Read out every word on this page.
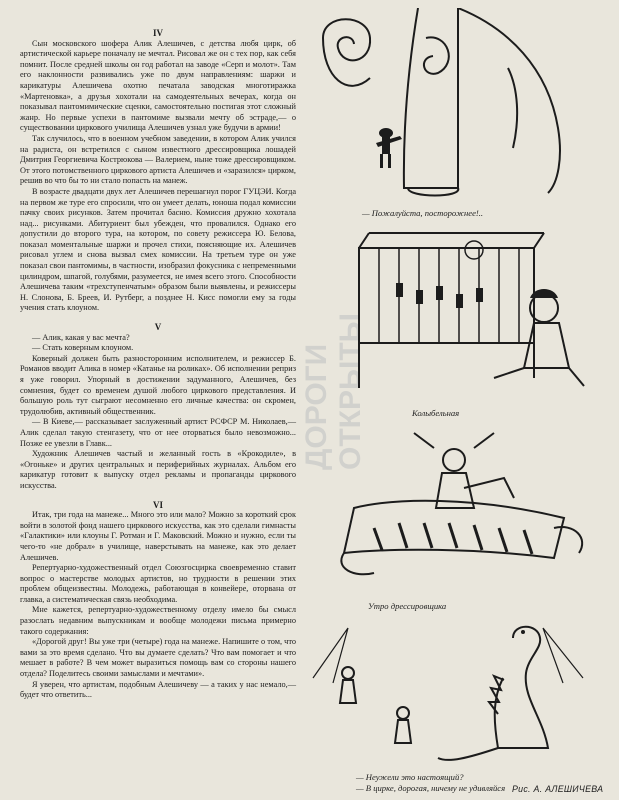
IV

Сын московского шофера Алик Алешичев, с детства любя цирк, об артистической карьере поначалу не мечтал. Рисовал же он с тех пор, как себя помнит. После средней школы он год работал на заводе «Серп и молот». Там его наклонности развивались уже по двум направлениям: шаржи и карикатуры Алешичева охотно печатала заводская многотиражка «Мартеновка», а друзья хохотали на самодеятельных вечерах, когда он показывал пантомимические сценки, самостоятельно постигая этот сложный жанр. Но первые успехи в пантомиме вызвали мечту об эстраде,— о существовании циркового училища Алешичев узнал уже будучи в армии!

Так случилось, что в военном учебном заведении, в котором Алик учился на радиста, он встретился с сыном известного дрессировщика лошадей Дмитрия Георгиевича Кострюкова — Валерием, ныне тоже дрессировщиком. От этого потомственного циркового артиста Алешичев и «заразился» цирком, решив во что бы то ни стало попасть на манеж.

В возрасте двадцати двух лет Алешичев перешагнул порог ГУЦЭИ. Когда на первом же туре его спросили, что он умеет делать, юноша подал комиссии пачку своих рисунков. Затем прочитал басню. Комиссия дружно хохотала над... рисунками. Абитуриент был убежден, что провалился. Однако его допустили до второго тура, на котором, по совету режиссера Ю. Белова, показал моментальные шаржи и прочел стихи, поясняющие их. Алешичев рисовал углем и снова вызвал смех комиссии. На третьем туре он уже показал свои пантомимы, в частности, изобразил фокусника с непременными цилиндром, шпагой, голубями, разумеется, не имея всего этого. Способности Алешичева таким «трехступенчатым» образом были выявлены, и режиссеры Н. Слонова, Б. Бреев, И. Рутберг, а позднее Н. Кисс помогли ему за годы учения стать клоуном.

V

— Алик, какая у вас мечта?

— Стать коверным клоуном.

Коверный должен быть разносторонним исполнителем, и режиссер Б. Романов вводит Алика в номер «Катанье на роликах». Об исполнении реприз я уже говорил. Упорный в достижении задуманного, Алешичев, без сомнения, будет со временем душой любого циркового представления. И большую роль тут сыграют несомненно его личные качества: он скромен, трудолюбив, активный общественник.

— В Киеве,— рассказывает заслуженный артист РСФСР М. Николаев,— Алик сделал такую стенгазету, что от нее оторваться было невозможно... Позже ее увезли в Главк...

Художник Алешичев частый и желанный гость в «Крокодиле», в «Огоньке» и других центральных и периферийных журналах. Альбом его карикатур готовит к выпуску отдел рекламы и пропаганды циркового искусства.

VI

Итак, три года на манеже... Много это или мало? Можно за короткий срок войти в золотой фонд нашего циркового искусства, как это сделали гимнасты «Галактики» или клоуны Г. Ротман и Г. Маковский. Можно и нужно, если ты чего-то «не добрал» в училище, наверстывать на манеже, как это делает Алешичев.

Репертуарно-художественный отдел Союзгосцирка своевременно ставит вопрос о мастерстве молодых артистов, но трудности в решении этих проблем общеизвестны. Молодежь, работающая в конвейере, оторвана от главка, а систематическая связь необходима.

Мне кажется, репертуарно-художественному отделу имело бы смысл разослать недавним выпускникам и вообще молодежи письма примерно такого содержания:

«Дорогой друг! Вы уже три (четыре) года на манеже. Напишите о том, что вами за это время сделано. Что вы думаете сделать? Что вам помогает и что мешает в работе? В чем может выразиться помощь вам со стороны нашего отдела? Поделитесь своими замыслами и мечтами».

Я уверен, что артистам, подобным Алешичеву — а таких у нас немало,— будет что ответить...

ДОРОГИ ОТКРЫТЫ
— Пожалуйста, посторожнее!..
Колыбельная
Утро дрессировщика
— Неужели это настоящий?
— В цирке, дорогая, ничему не удивляйся Рис. А. АЛЕШИЧЕВА
